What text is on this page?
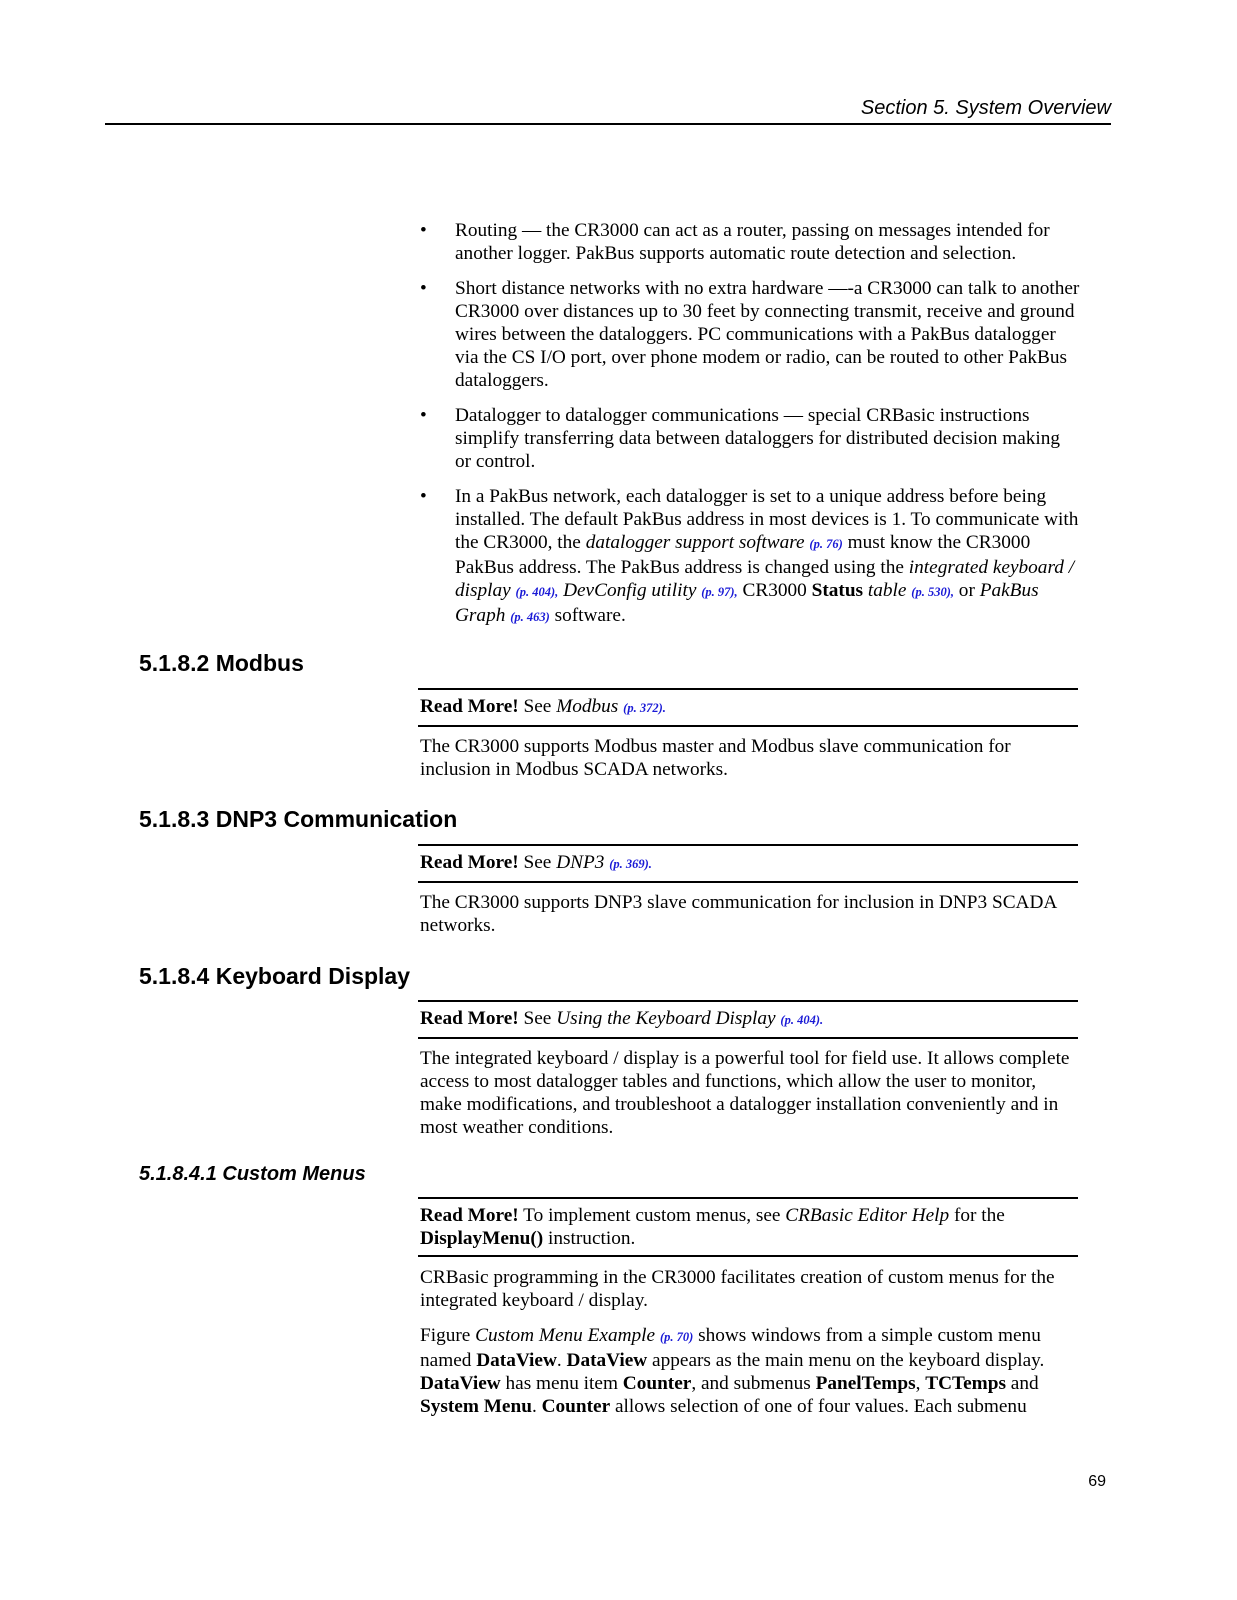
Section 5. System Overview
• Routing — the CR3000 can act as a router, passing on messages intended for another logger. PakBus supports automatic route detection and selection.
• Short distance networks with no extra hardware —-a CR3000 can talk to another CR3000 over distances up to 30 feet by connecting transmit, receive and ground wires between the dataloggers. PC communications with a PakBus datalogger via the CS I/O port, over phone modem or radio, can be routed to other PakBus dataloggers.
• Datalogger to datalogger communications — special CRBasic instructions simplify transferring data between dataloggers for distributed decision making or control.
• In a PakBus network, each datalogger is set to a unique address before being installed. The default PakBus address in most devices is 1. To communicate with the CR3000, the datalogger support software (p. 76) must know the CR3000 PakBus address. The PakBus address is changed using the integrated keyboard / display (p. 404), DevConfig utility (p. 97), CR3000 Status table (p. 530), or PakBus Graph (p. 463) software.
5.1.8.2 Modbus
Read More! See Modbus (p. 372).

The CR3000 supports Modbus master and Modbus slave communication for inclusion in Modbus SCADA networks.

5.1.8.3 DNP3 Communication
Read More! See DNP3 (p. 369).

The CR3000 supports DNP3 slave communication for inclusion in DNP3 SCADA networks.

5.1.8.4 Keyboard Display
Read More! See Using the Keyboard Display (p. 404).

The integrated keyboard / display is a powerful tool for field use. It allows complete access to most datalogger tables and functions, which allow the user to monitor, make modifications, and troubleshoot a datalogger installation conveniently and in most weather conditions.

5.1.8.4.1 Custom Menus
Read More! To implement custom menus, see CRBasic Editor Help for the DisplayMenu() instruction.

CRBasic programming in the CR3000 facilitates creation of custom menus for the integrated keyboard / display.

Figure Custom Menu Example (p. 70) shows windows from a simple custom menu named DataView. DataView appears as the main menu on the keyboard display. DataView has menu item Counter, and submenus PanelTemps, TCTemps and System Menu. Counter allows selection of one of four values. Each submenu

69
